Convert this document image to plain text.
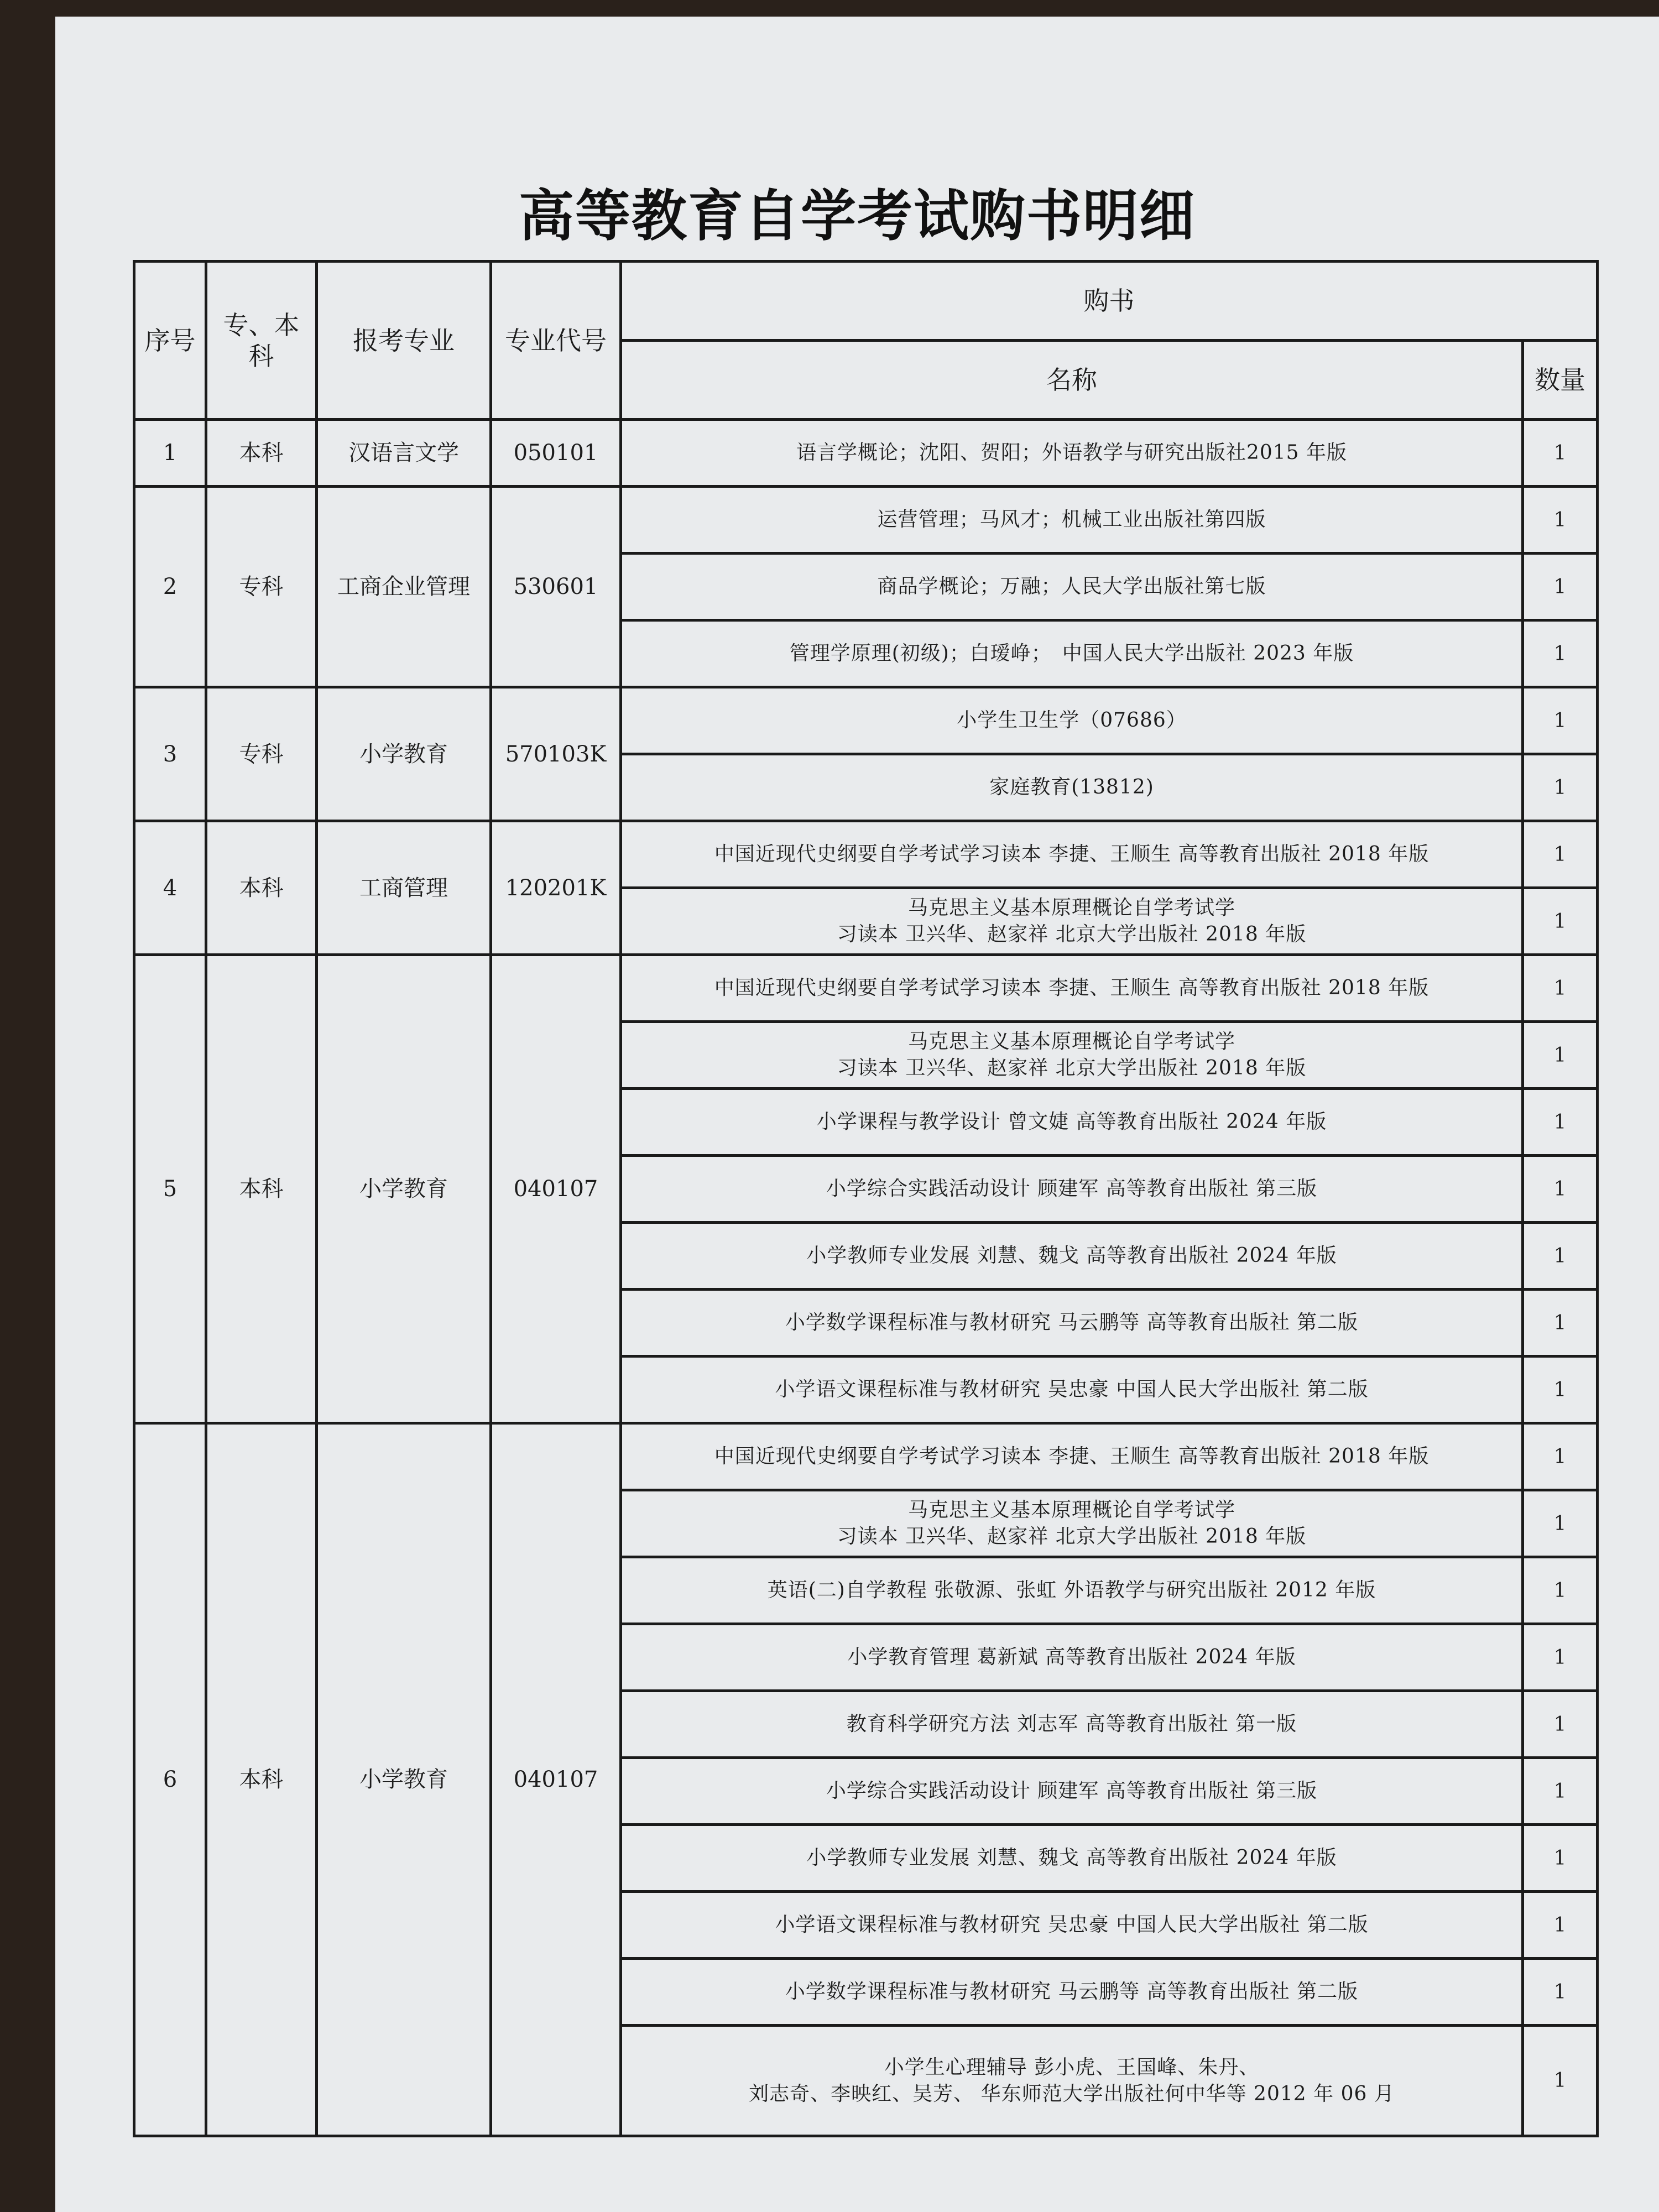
高等教育自学考试购书明细
序号	专、本科	报考专业	专业代号	购书	
				名称	数量
1	本科	汉语言文学	050101	语言学概论；沈阳、贺阳；外语教学与研究出版社2015 年版	1
2	专科	工商企业管理	530601	运营管理；马风才；机械工业出版社第四版	1
				商品学概论；万融；人民大学出版社第七版	1
				管理学原理(初级)；白瑷峥；　中国人民大学出版社 2023 年版	1
3	专科	小学教育	570103K	小学生卫生学（07686）	1
				家庭教育(13812)	1
4	本科	工商管理	120201K	中国近现代史纲要自学考试学习读本 李捷、王顺生 高等教育出版社 2018 年版	1
				马克思主义基本原理概论自学考试学
习读本 卫兴华、赵家祥 北京大学出版社 2018 年版	1
5	本科	小学教育	040107	中国近现代史纲要自学考试学习读本 李捷、王顺生 高等教育出版社 2018 年版	1
				马克思主义基本原理概论自学考试学
习读本 卫兴华、赵家祥 北京大学出版社 2018 年版	1
				小学课程与教学设计 曾文婕 高等教育出版社 2024 年版	1
				小学综合实践活动设计 顾建军 高等教育出版社 第三版	1
				小学教师专业发展 刘慧、魏戈 高等教育出版社 2024 年版	1
				小学数学课程标准与教材研究 马云鹏等 高等教育出版社 第二版	1
				小学语文课程标准与教材研究 吴忠豪 中国人民大学出版社 第二版	1
6	本科	小学教育	040107	中国近现代史纲要自学考试学习读本 李捷、王顺生 高等教育出版社 2018 年版	1
				马克思主义基本原理概论自学考试学
习读本 卫兴华、赵家祥 北京大学出版社 2018 年版	1
				英语(二)自学教程 张敬源、张虹 外语教学与研究出版社 2012 年版	1
				小学教育管理 葛新斌 高等教育出版社 2024 年版	1
				教育科学研究方法 刘志军 高等教育出版社 第一版	1
				小学综合实践活动设计 顾建军 高等教育出版社 第三版	1
				小学教师专业发展 刘慧、魏戈 高等教育出版社 2024 年版	1
				小学语文课程标准与教材研究 吴忠豪 中国人民大学出版社 第二版	1
				小学数学课程标准与教材研究 马云鹏等 高等教育出版社 第二版	1
				小学生心理辅导 彭小虎、王国峰、朱丹、
刘志奇、李映红、吴芳、 华东师范大学出版社何中华等 2012 年 06 月	1
